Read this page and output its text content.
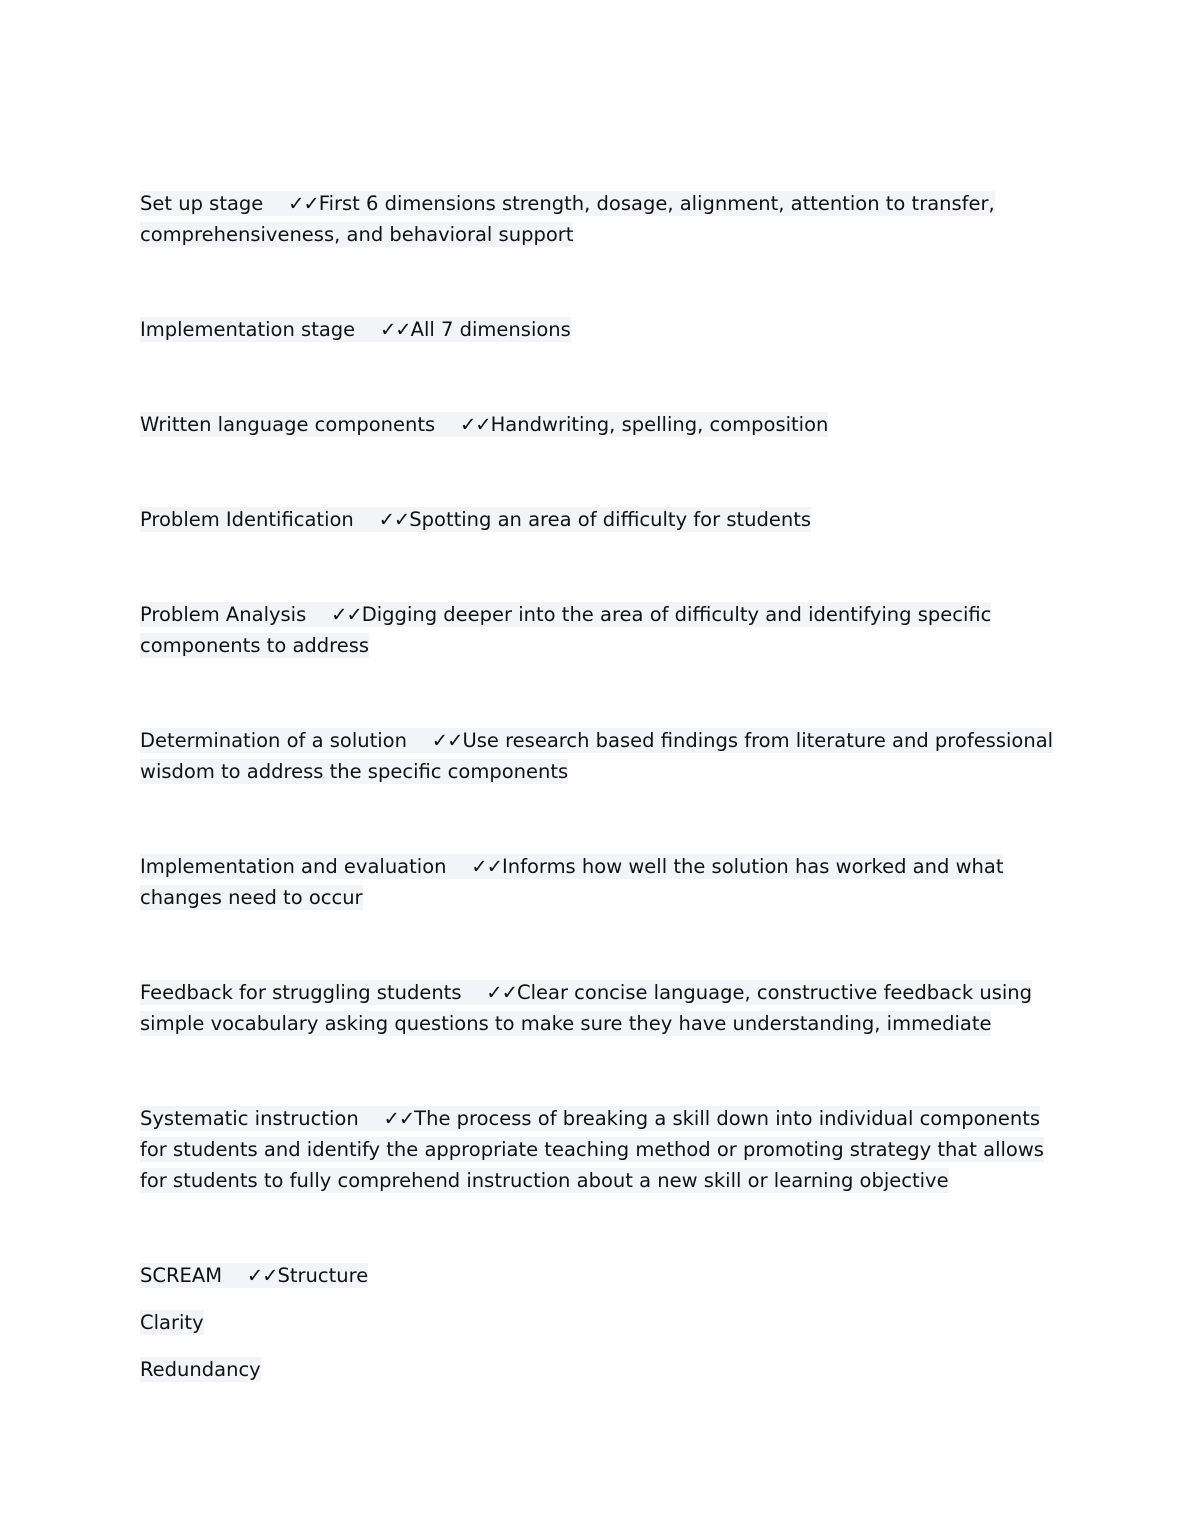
Set up stage ✓✓First 6 dimensions strength, dosage, alignment, attention to transfer, comprehensiveness, and behavioral support

Implementation stage ✓✓All 7 dimensions

Written language components ✓✓Handwriting, spelling, composition

Problem Identification ✓✓Spotting an area of difficulty for students

Problem Analysis ✓✓Digging deeper into the area of difficulty and identifying specific components to address

Determination of a solution ✓✓Use research based findings from literature and professional wisdom to address the specific components

Implementation and evaluation ✓✓Informs how well the solution has worked and what changes need to occur

Feedback for struggling students ✓✓Clear concise language, constructive feedback using simple vocabulary asking questions to make sure they have understanding, immediate

Systematic instruction ✓✓The process of breaking a skill down into individual components for students and identify the appropriate teaching method or promoting strategy that allows for students to fully comprehend instruction about a new skill or learning objective

SCREAM ✓✓Structure

Clarity

Redundancy
